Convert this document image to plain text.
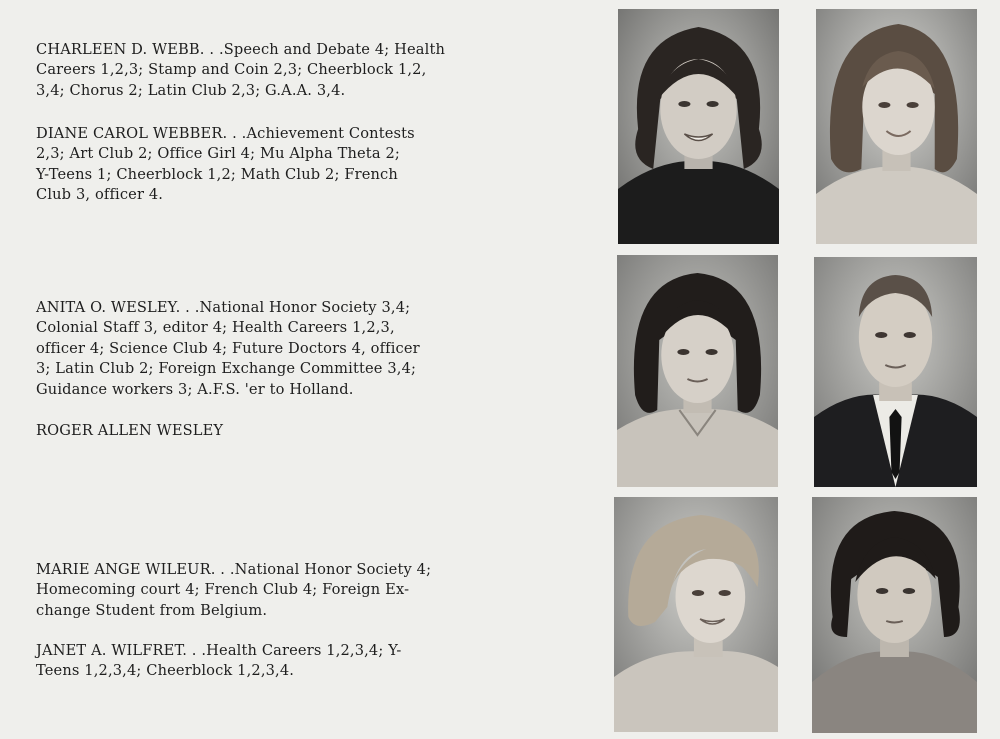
CHARLEEN D. WEBB. . .Speech and Debate 4; Health
Careers 1,2,3; Stamp and Coin 2,3; Cheerblock 1,2,
3,4; Chorus 2; Latin Club 2,3; G.A.A. 3,4.
DIANE CAROL WEBBER. . .Achievement Contests
2,3; Art Club 2; Office Girl 4; Mu Alpha Theta 2;
Y-Teens 1; Cheerblock 1,2; Math Club 2; French
Club 3, officer 4.
ANITA O. WESLEY. . .National Honor Society 3,4;
Colonial Staff 3, editor 4; Health Careers 1,2,3,
officer 4; Science Club 4; Future Doctors 4, officer
3; Latin Club 2; Foreign Exchange Committee 3,4;
Guidance workers 3; A.F.S. 'er to Holland.
ROGER ALLEN WESLEY
MARIE ANGE WILEUR. . .National Honor Society 4;
Homecoming court 4; French Club 4; Foreign Ex-
change Student from Belgium.
JANET A. WILFRET. . .Health Careers 1,2,3,4; Y-
Teens 1,2,3,4; Cheerblock 1,2,3,4.
